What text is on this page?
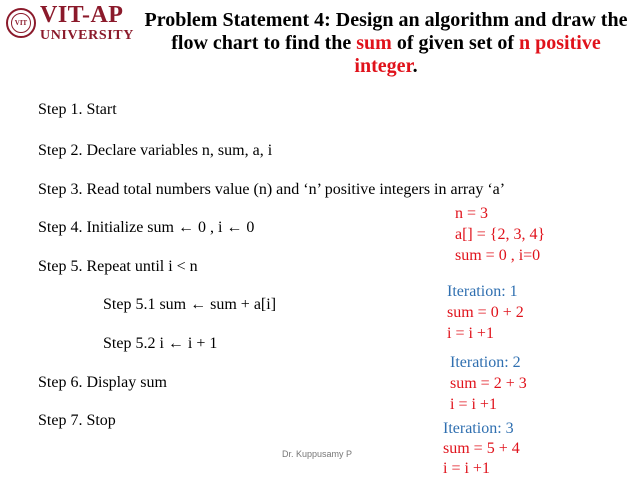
VIT VIT-AP
UNIVERSITY
Problem Statement 4: Design an algorithm and draw the flow chart to find the sum of given set of n positive integer.
Step 1. Start
Step 2. Declare variables n, sum, a, i
Step 3. Read total numbers value (n) and ‘n’ positive integers in array ‘a’
Step 4. Initialize sum ← 0 , i ← 0
Step 5. Repeat until i < n
Step 5.1 sum ← sum + a[i]
Step 5.2 i ← i + 1
Step 6. Display sum
Step 7. Stop
n = 3
a[] = {2, 3, 4}
sum = 0 , i=0
Iteration: 1
sum = 0 + 2
i = i +1
Iteration: 2
sum = 2 + 3
i = i +1
Iteration: 3
sum = 5 + 4
i = i +1
Dr. Kuppusamy P
